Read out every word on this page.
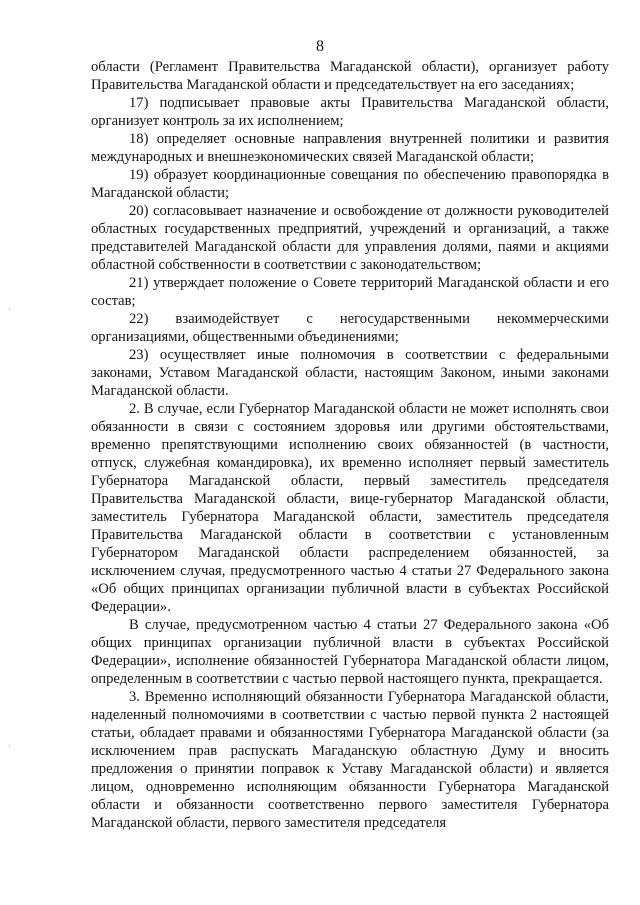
·
·
8

области (Регламент Правительства Магаданской области), организует работу Правительства Магаданской области и председательствует на его заседаниях;

17) подписывает правовые акты Правительства Магаданской области, организует контроль за их исполнением;

18) определяет основные направления внутренней политики и развития международных и внешнеэкономических связей Магаданской области;

19) образует координационные совещания по обеспечению правопорядка в Магаданской области;

20) согласовывает назначение и освобождение от должности руководителей областных государственных предприятий, учреждений и организаций, а также представителей Магаданской области для управления долями, паями и акциями областной собственности в соответствии с законодательством;

21) утверждает положение о Совете территорий Магаданской области и его состав;

22) взаимодействует с негосударственными некоммерческими организациями, общественными объединениями;

23) осуществляет иные полномочия в соответствии с федеральными законами, Уставом Магаданской области, настоящим Законом, иными законами Магаданской области.

2. В случае, если Губернатор Магаданской области не может исполнять свои обязанности в связи с состоянием здоровья или другими обстоятельствами, временно препятствующими исполнению своих обязанностей (в частности, отпуск, служебная командировка), их временно исполняет первый заместитель Губернатора Магаданской области, первый заместитель председателя Правительства Магаданской области, вице-губернатор Магаданской области, заместитель Губернатора Магаданской области, заместитель председателя Правительства Магаданской области в соответствии с установленным Губернатором Магаданской области распределением обязанностей, за исключением случая, предусмотренного частью 4 статьи 27 Федерального закона «Об общих принципах организации публичной власти в субъектах Российской Федерации».

В случае, предусмотренном частью 4 статьи 27 Федерального закона «Об общих принципах организации публичной власти в субъектах Российской Федерации», исполнение обязанностей Губернатора Магаданской области лицом, определенным в соответствии с частью первой настоящего пункта, прекращается.

3. Временно исполняющий обязанности Губернатора Магаданской области, наделенный полномочиями в соответствии с частью первой пункта 2 настоящей статьи, обладает правами и обязанностями Губернатора Магаданской области (за исключением прав распускать Магаданскую областную Думу и вносить предложения о принятии поправок к Уставу Магаданской области) и является лицом, одновременно исполняющим обязанности Губернатора Магаданской области и обязанности соответственно первого заместителя Губернатора Магаданской области, первого заместителя председателя
